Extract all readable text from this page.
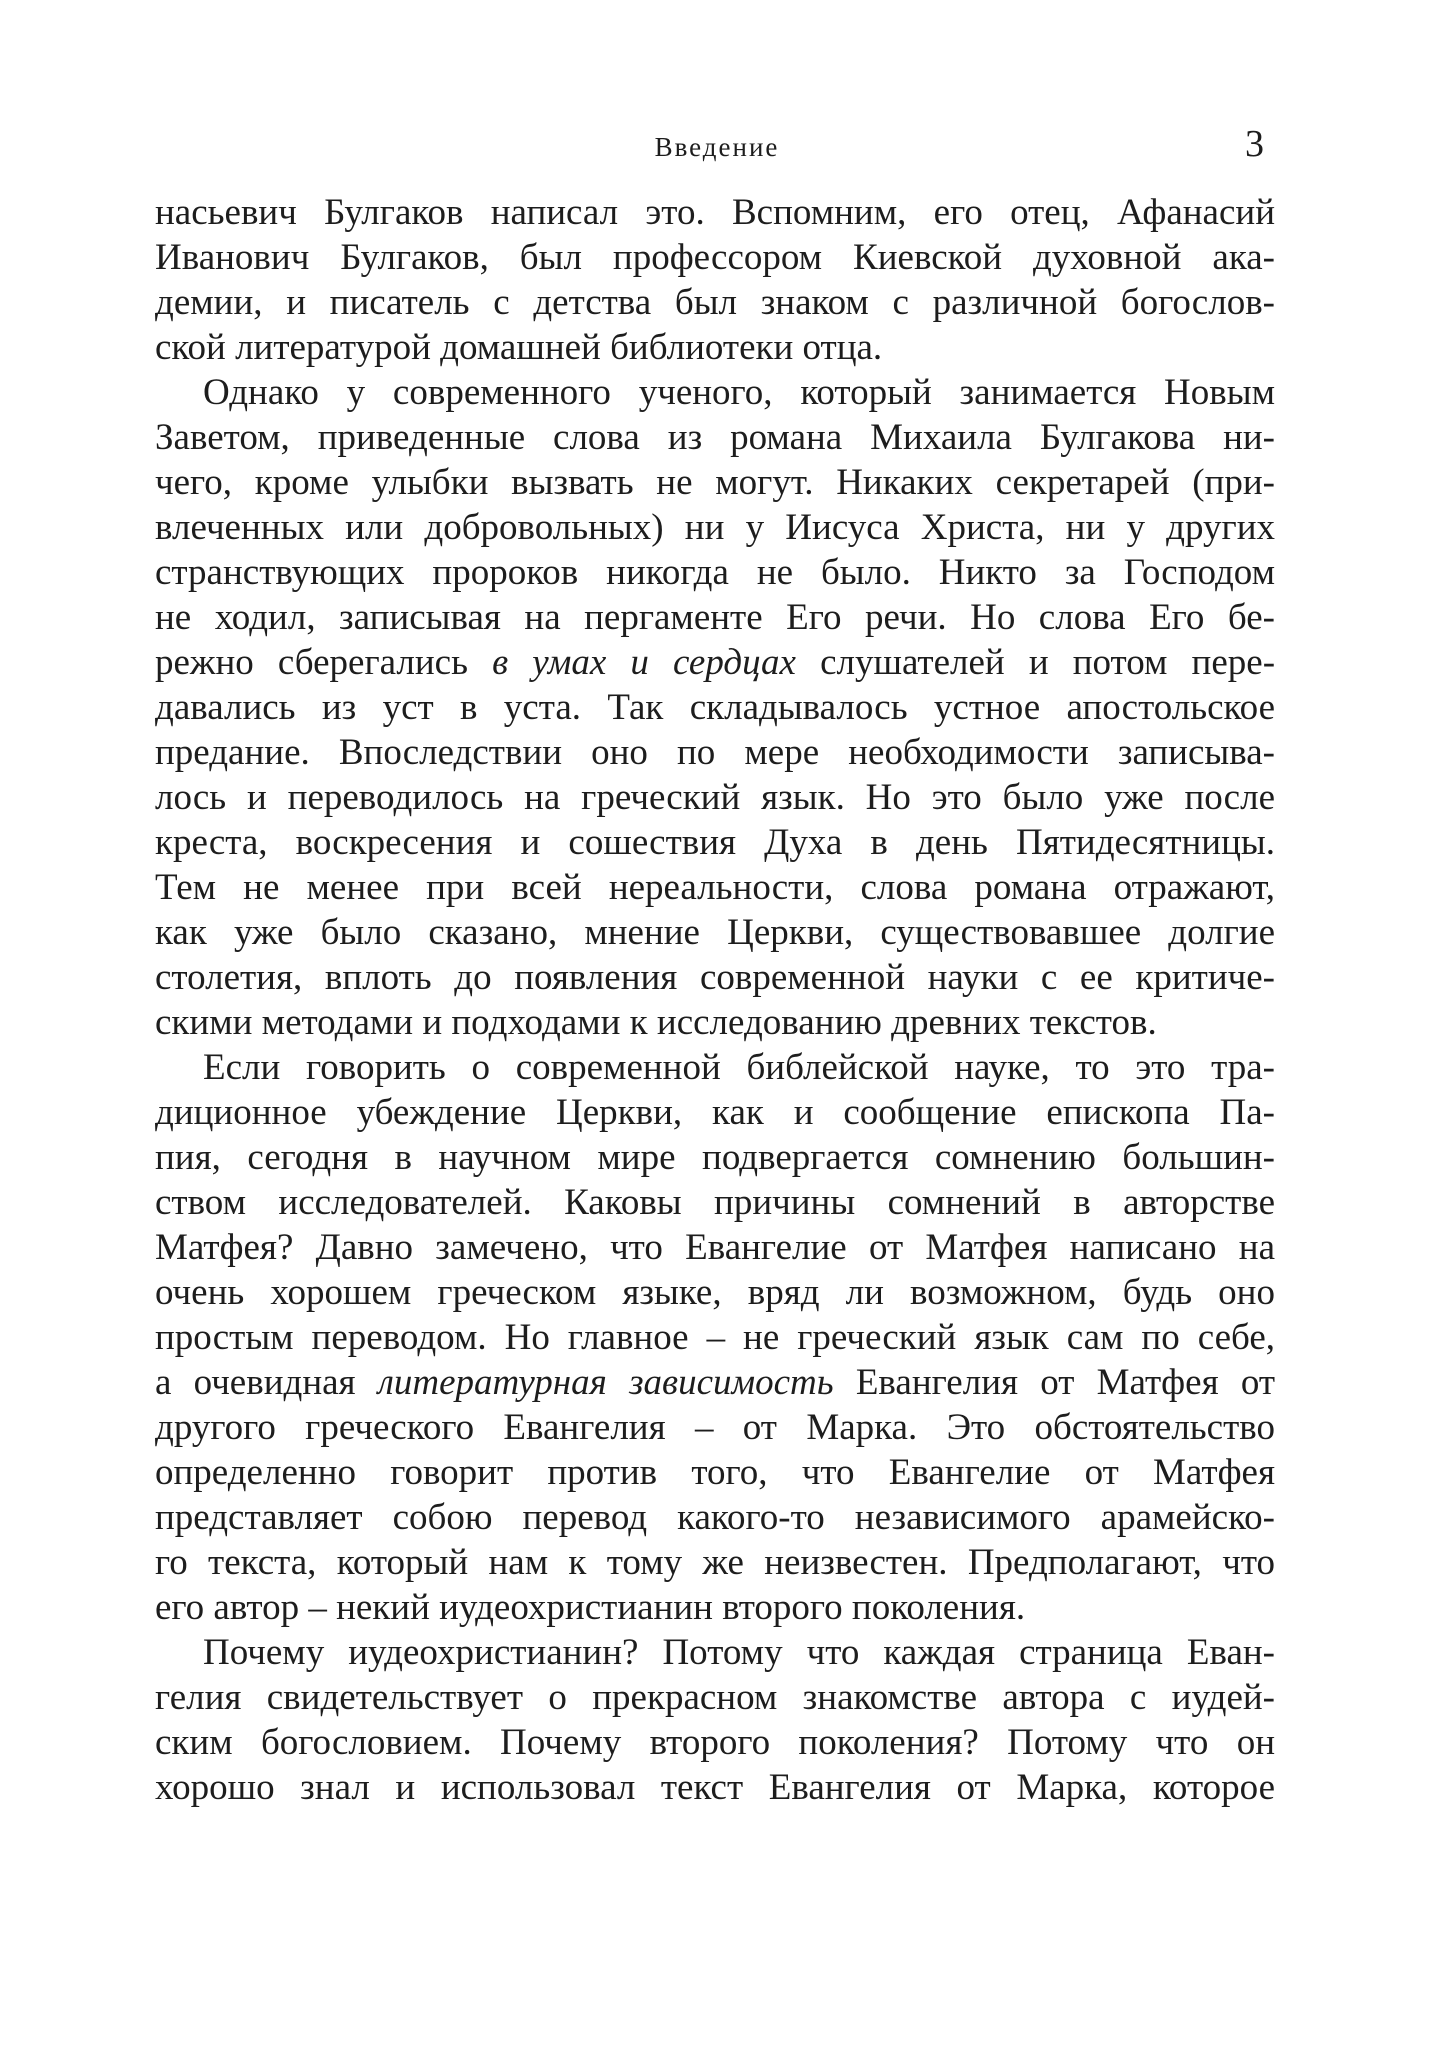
Введение	3

насьевич Булгаков написал это. Вспомним, его отец, Афанасий
Иванович Булгаков, был профессором Киевской духовной ака-
демии, и писатель с детства был знаком с различной богослов-
ской литературой домашней библиотеки отца.

Однако у современного ученого, который занимается Новым
Заветом, приведенные слова из романа Михаила Булгакова ни-
чего, кроме улыбки вызвать не могут. Никаких секретарей (при-
влеченных или добровольных) ни у Иисуса Христа, ни у других
странствующих пророков никогда не было. Никто за Господом
не ходил, записывая на пергаменте Его речи. Но слова Его бе-
режно сберегались в умах и сердцах слушателей и потом пере-
давались из уст в уста. Так складывалось устное апостольское
предание. Впоследствии оно по мере необходимости записыва-
лось и переводилось на греческий язык. Но это было уже после
креста, воскресения и сошествия Духа в день Пятидесятницы.
Тем не менее при всей нереальности, слова романа отражают,
как уже было сказано, мнение Церкви, существовавшее долгие
столетия, вплоть до появления современной науки с ее критиче-
скими методами и подходами к исследованию древних текстов.

Если говорить о современной библейской науке, то это тра-
диционное убеждение Церкви, как и сообщение епископа Па-
пия, сегодня в научном мире подвергается сомнению большин-
ством исследователей. Каковы причины сомнений в авторстве
Матфея? Давно замечено, что Евангелие от Матфея написано на
очень хорошем греческом языке, вряд ли возможном, будь оно
простым переводом. Но главное – не греческий язык сам по себе,
а очевидная литературная зависимость Евангелия от Матфея от
другого греческого Евангелия – от Марка. Это обстоятельство
определенно говорит против того, что Евангелие от Матфея
представляет собою перевод какого-то независимого арамейско-
го текста, который нам к тому же неизвестен. Предполагают, что
его автор – некий иудеохристианин второго поколения.

Почему иудеохристианин? Потому что каждая страница Еван-
гелия свидетельствует о прекрасном знакомстве автора с иудей-
ским богословием. Почему второго поколения? Потому что он
хорошо знал и использовал текст Евангелия от Марка, которое
